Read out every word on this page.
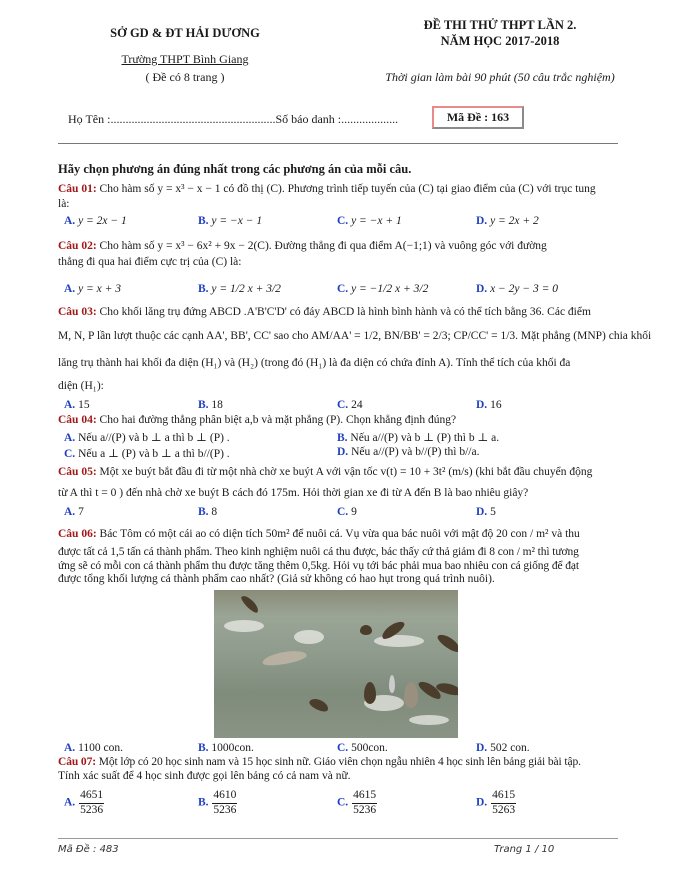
SỞ GD & ĐT HẢI DƯƠNG
Trường THPT Bình Giang
( Đề có 8 trang )
ĐỀ THI THỬ THPT LẦN 2.
NĂM HỌC 2017-2018
Thời gian làm bài 90 phút (50 câu trắc nghiệm)
Họ Tên :.......................................................Số báo danh :...................	Mã Đề : 163
Hãy chọn phương án đúng nhất trong các phương án của mỗi câu.
Câu 01: Cho hàm số y = x³ − x − 1 có đồ thị (C). Phương trình tiếp tuyến của (C) tại giao điểm của (C) với trục tung
là:
A. y = 2x − 1	B. y = −x − 1	C. y = −x + 1	D. y = 2x + 2
Câu 02: Cho hàm số y = x³ − 6x² + 9x − 2(C). Đường thẳng đi qua điểm A(−1;1) và vuông góc với đường
thẳng đi qua hai điểm cực trị của (C) là:
A. y = x + 3	B. y = 1/2 x + 3/2	C. y = −1/2 x + 3/2	D. x − 2y − 3 = 0
Câu 03: Cho khối lăng trụ đứng ABCD .A'B'C'D' có đáy ABCD là hình bình hành và có thể tích bằng 36. Các điểm
M, N, P lần lượt thuộc các cạnh AA', BB', CC' sao cho AM/AA' = 1/2, BN/BB' = 2/3; CP/CC' = 1/3. Mặt phẳng (MNP) chia khối
lăng trụ thành hai khối đa diện (H₁) và (H₂) (trong đó (H₁) là đa diện có chứa đỉnh A). Tính thể tích của khối đa
diện (H₁):
A. 15	B. 18	C. 24	D. 16
Câu 04: Cho hai đường thẳng phân biệt a,b và mặt phẳng (P). Chọn khẳng định đúng?
A. Nếu a//(P) và b ⊥ a thì b ⊥ (P) .	B. Nếu a//(P) và b ⊥ (P) thì b ⊥ a.
C. Nếu a ⊥ (P) và b ⊥ a thì b//(P) .	D. Nếu a//(P) và b//(P) thì b//a.
Câu 05: Một xe buýt bắt đầu đi từ một nhà chờ xe buýt A với vận tốc v(t) = 10 + 3t² (m/s) (khi bắt đầu chuyển động
từ A thì t = 0 ) đến nhà chờ xe buýt B cách đó 175m. Hỏi thời gian xe đi từ A đến B là bao nhiêu giây?
A. 7	B. 8	C. 9	D. 5
Câu 06: Bác Tôm có một cái ao có diện tích 50m² để nuôi cá. Vụ vừa qua bác nuôi với mật độ 20 con / m² và thu
được tất cả 1,5 tấn cá thành phẩm. Theo kinh nghiệm nuôi cá thu được, bác thấy cứ thả giảm đi 8 con / m² thì tương
ứng sẽ có mỗi con cá thành phẩm thu được tăng thêm 0,5kg. Hỏi vụ tới bác phải mua bao nhiêu con cá giống để đạt
được tổng khối lượng cá thành phẩm cao nhất? (Giả sử không có hao hụt trong quá trình nuôi).
A. 1100 con.	B. 1000con.	C. 500con.	D. 502 con.
Câu 07: Một lớp có 20 học sinh nam và 15 học sinh nữ. Giáo viên chọn ngẫu nhiên 4 học sinh lên bảng giải bài tập.
Tính xác suất để 4 học sinh được gọi lên bảng có cả nam và nữ.
A. $\frac{4651}{5236}$	B. $\frac{4610}{5236}$	C. $\frac{4615}{5236}$	D. $\frac{4615}{5263}$
Mã Đề : 483	Trang 1 / 10
